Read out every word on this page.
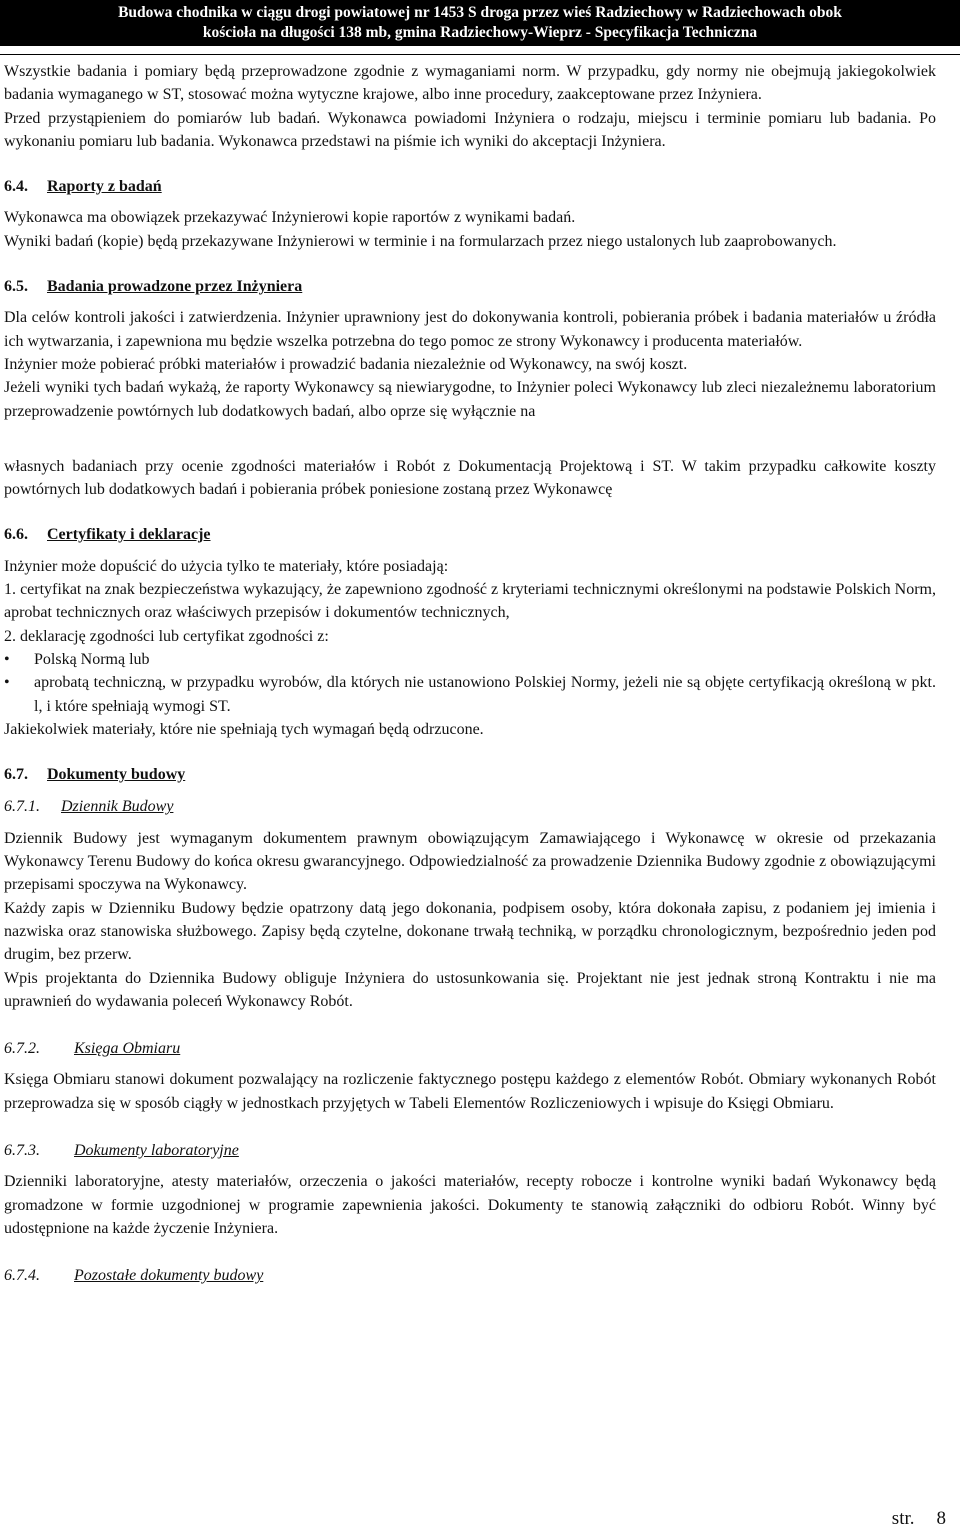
Budowa chodnika w ciągu drogi powiatowej nr 1453 S droga przez wieś Radziechowy w Radziechowach obok
kościoła na długości 138 mb, gmina Radziechowy-Wieprz - Specyfikacja Techniczna

Wszystkie badania i pomiary będą przeprowadzone zgodnie z wymaganiami norm. W przypadku, gdy normy nie obejmują jakiegokolwiek badania wymaganego w ST, stosować można wytyczne krajowe, albo inne procedury, zaakceptowane przez Inżyniera.

Przed przystąpieniem do pomiarów lub badań. Wykonawca powiadomi Inżyniera o rodzaju, miejscu i terminie pomiaru lub badania. Po wykonaniu pomiaru lub badania. Wykonawca przedstawi na piśmie ich wyniki do akceptacji Inżyniera.

6.4. Raporty z badań

Wykonawca ma obowiązek przekazywać Inżynierowi kopie raportów z wynikami badań.

Wyniki badań (kopie) będą przekazywane Inżynierowi w terminie i na formularzach przez niego ustalonych lub zaaprobowanych.

6.5. Badania prowadzone przez Inżyniera

Dla celów kontroli jakości i zatwierdzenia. Inżynier uprawniony jest do dokonywania kontroli, pobierania próbek i badania materiałów u źródła ich wytwarzania, i zapewniona mu będzie wszelka potrzebna do tego pomoc ze strony Wykonawcy i producenta materiałów.

Inżynier może pobierać próbki materiałów i prowadzić badania niezależnie od Wykonawcy, na swój koszt.

Jeżeli wyniki tych badań wykażą, że raporty Wykonawcy są niewiarygodne, to Inżynier poleci Wykonawcy lub zleci niezależnemu laboratorium przeprowadzenie powtórnych lub dodatkowych badań, albo oprze się wyłącznie na

własnych badaniach przy ocenie zgodności materiałów i Robót z Dokumentacją Projektową i ST. W takim przypadku całkowite koszty powtórnych lub dodatkowych badań i pobierania próbek poniesione zostaną przez Wykonawcę

6.6. Certyfikaty i deklaracje

Inżynier może dopuścić do użycia tylko te materiały, które posiadają:

1. certyfikat na znak bezpieczeństwa wykazujący, że zapewniono zgodność z kryteriami technicznymi określonymi na podstawie Polskich Norm, aprobat technicznych oraz właściwych przepisów i dokumentów technicznych,

2. deklarację zgodności lub certyfikat zgodności z:

• Polską Normą lub
• aprobatą techniczną, w przypadku wyrobów, dla których nie ustanowiono Polskiej Normy, jeżeli nie są objęte certyfikacją określoną w pkt. l, i które spełniają wymogi ST.

Jakiekolwiek materiały, które nie spełniają tych wymagań będą odrzucone.

6.7. Dokumenty budowy
6.7.1. Dziennik Budowy

Dziennik Budowy jest wymaganym dokumentem prawnym obowiązującym Zamawiającego i Wykonawcę w okresie od przekazania Wykonawcy Terenu Budowy do końca okresu gwarancyjnego. Odpowiedzialność za prowadzenie Dziennika Budowy zgodnie z obowiązującymi przepisami spoczywa na Wykonawcy.

Każdy zapis w Dzienniku Budowy będzie opatrzony datą jego dokonania, podpisem osoby, która dokonała zapisu, z podaniem jej imienia i nazwiska oraz stanowiska służbowego. Zapisy będą czytelne, dokonane trwałą techniką, w porządku chronologicznym, bezpośrednio jeden pod drugim, bez przerw.

Wpis projektanta do Dziennika Budowy obliguje Inżyniera do ustosunkowania się. Projektant nie jest jednak stroną Kontraktu i nie ma uprawnień do wydawania poleceń Wykonawcy Robót.

6.7.2. Księga Obmiaru

Księga Obmiaru stanowi dokument pozwalający na rozliczenie faktycznego postępu każdego z elementów Robót. Obmiary wykonanych Robót przeprowadza się w sposób ciągły w jednostkach przyjętych w Tabeli Elementów Rozliczeniowych i wpisuje do Księgi Obmiaru.

6.7.3. Dokumenty laboratoryjne

Dzienniki laboratoryjne, atesty materiałów, orzeczenia o jakości materiałów, recepty robocze i kontrolne wyniki badań Wykonawcy będą gromadzone w formie uzgodnionej w programie zapewnienia jakości. Dokumenty te stanowią załączniki do odbioru Robót. Winny być udostępnione na każde życzenie Inżyniera.

6.7.4. Pozostałe dokumenty budowy
str. 8
